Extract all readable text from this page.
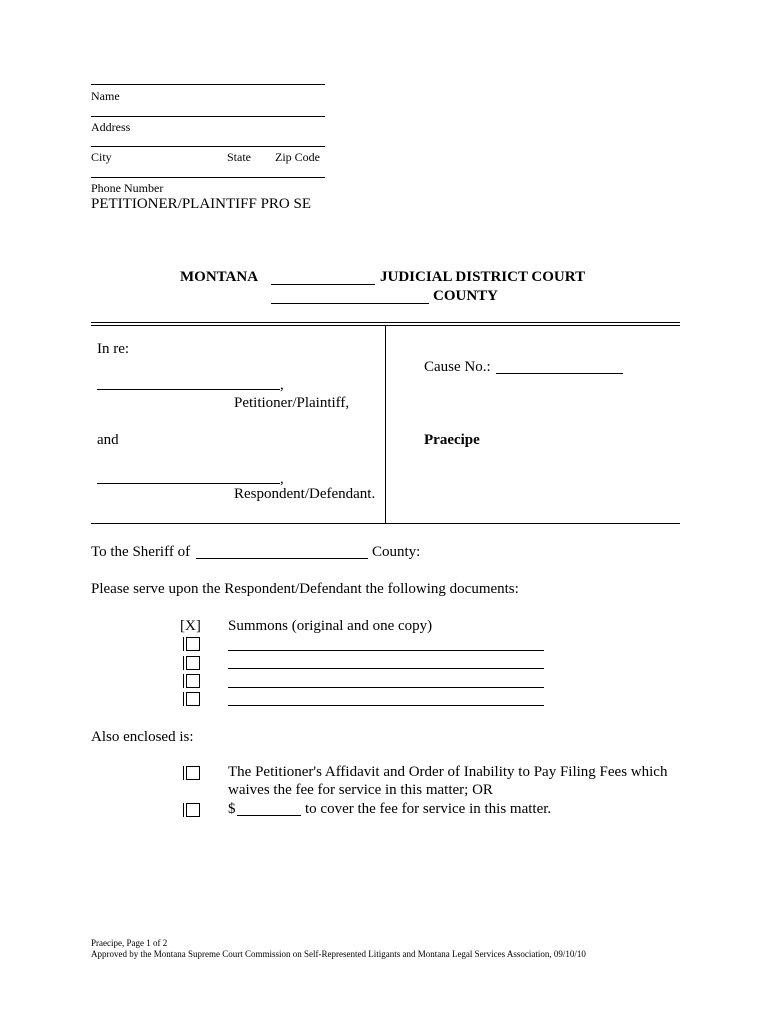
Name
Address
City	State Zip Code
Phone Number
PETITIONER/PLAINTIFF PRO SE
MONTANA	JUDICIAL DISTRICT COURT
COUNTY
In re:
,
Petitioner/Plaintiff,
and
,
Respondent/Defendant.
Cause No.:
Praecipe
To the Sheriff of	County:
Please serve upon the Respondent/Defendant the following documents:
[X] Summons (original and one copy)
Also enclosed is:
The Petitioner's Affidavit and Order of Inability to Pay Filing Fees which
waives the fee for service in this matter; OR
$	to cover the fee for service in this matter.
Praecipe, Page 1 of 2
Approved by the Montana Supreme Court Commission on Self-Represented Litigants and Montana Legal Services Association, 09/10/10
